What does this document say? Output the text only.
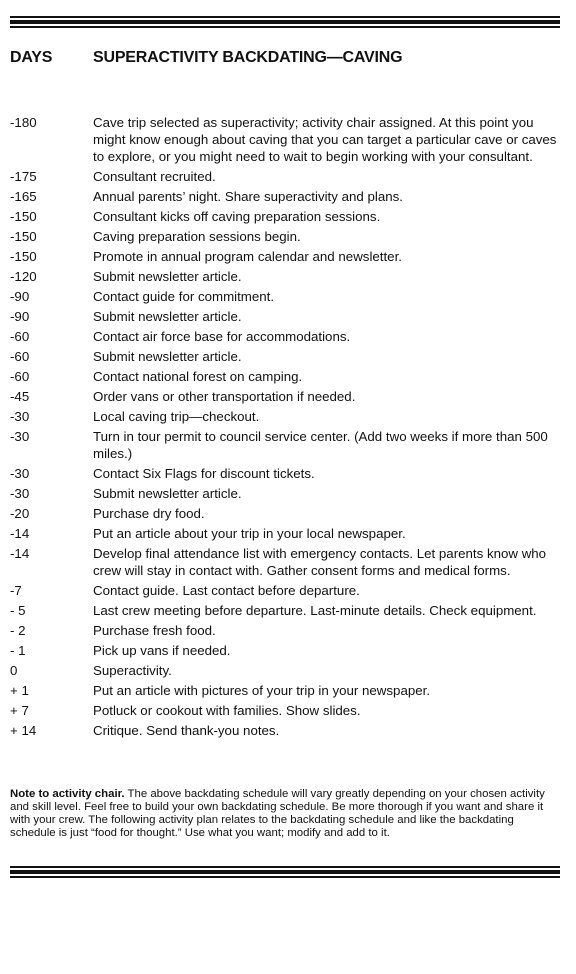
DAYS	SUPERACTIVITY BACKDATING—CAVING
-180	Cave trip selected as superactivity; activity chair assigned. At this point you might know enough about caving that you can target a particular cave or caves to explore, or you might need to wait to begin working with your consultant.
-175	Consultant recruited.
-165	Annual parents’ night. Share superactivity and plans.
-150	Consultant kicks off caving preparation sessions.
-150	Caving preparation sessions begin.
-150	Promote in annual program calendar and newsletter.
-120	Submit newsletter article.
-90	Contact guide for commitment.
-90	Submit newsletter article.
-60	Contact air force base for accommodations.
-60	Submit newsletter article.
-60	Contact national forest on camping.
-45	Order vans or other transportation if needed.
-30	Local caving trip—checkout.
-30	Turn in tour permit to council service center. (Add two weeks if more than 500 miles.)
-30	Contact Six Flags for discount tickets.
-30	Submit newsletter article.
-20	Purchase dry food.
-14	Put an article about your trip in your local newspaper.
-14	Develop final attendance list with emergency contacts. Let parents know who crew will stay in contact with. Gather consent forms and medical forms.
-7	Contact guide. Last contact before departure.
- 5	Last crew meeting before departure. Last-minute details. Check equipment.
- 2	Purchase fresh food.
- 1	Pick up vans if needed.
0	Superactivity.
+ 1	Put an article with pictures of your trip in your newspaper.
+ 7	Potluck or cookout with families. Show slides.
+ 14	Critique. Send thank-you notes.
Note to activity chair. The above backdating schedule will vary greatly depending on your chosen activity and skill level. Feel free to build your own backdating schedule. Be more thorough if you want and share it with your crew. The following activity plan relates to the backdating schedule and like the backdating schedule is just “food for thought.” Use what you want; modify and add to it.
